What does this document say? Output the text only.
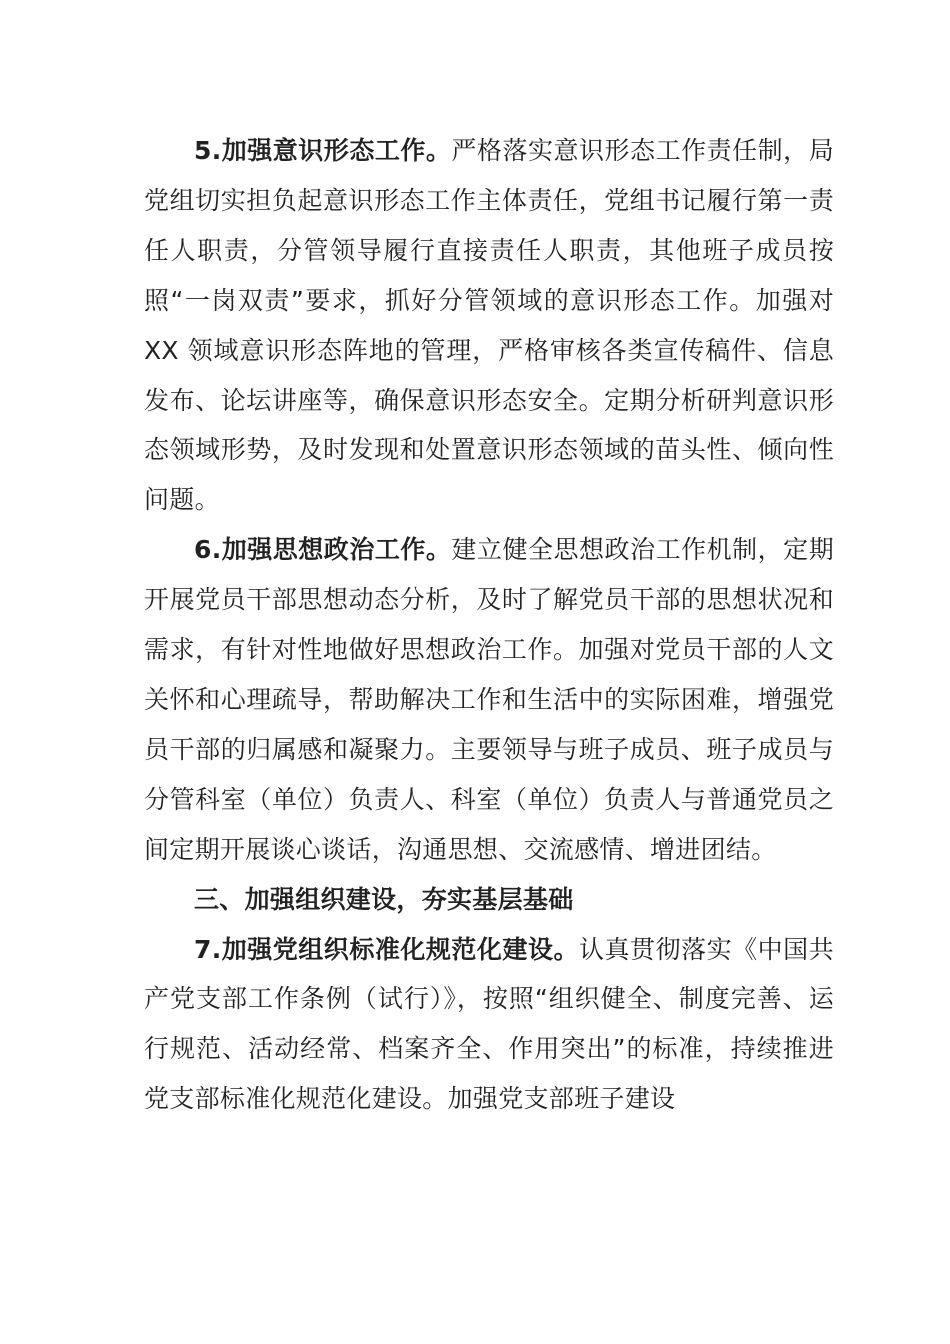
5.加强意识形态工作。严格落实意识形态工作责任制，局党组切实担负起意识形态工作主体责任，党组书记履行第一责任人职责，分管领导履行直接责任人职责，其他班子成员按照“一岗双责”要求，抓好分管领域的意识形态工作。加强对 XX 领域意识形态阵地的管理，严格审核各类宣传稿件、信息发布、论坛讲座等，确保意识形态安全。定期分析研判意识形态领域形势，及时发现和处置意识形态领域的苗头性、倾向性问题。

6.加强思想政治工作。建立健全思想政治工作机制，定期开展党员干部思想动态分析，及时了解党员干部的思想状况和需求，有针对性地做好思想政治工作。加强对党员干部的人文关怀和心理疏导，帮助解决工作和生活中的实际困难，增强党员干部的归属感和凝聚力。主要领导与班子成员、班子成员与分管科室（单位）负责人、科室（单位）负责人与普通党员之间定期开展谈心谈话，沟通思想、交流感情、增进团结。

三、加强组织建设，夯实基层基础

7.加强党组织标准化规范化建设。认真贯彻落实《中国共产党支部工作条例（试行）》，按照“组织健全、制度完善、运行规范、活动经常、档案齐全、作用突出”的标准，持续推进党支部标准化规范化建设。加强党支部班子建设
